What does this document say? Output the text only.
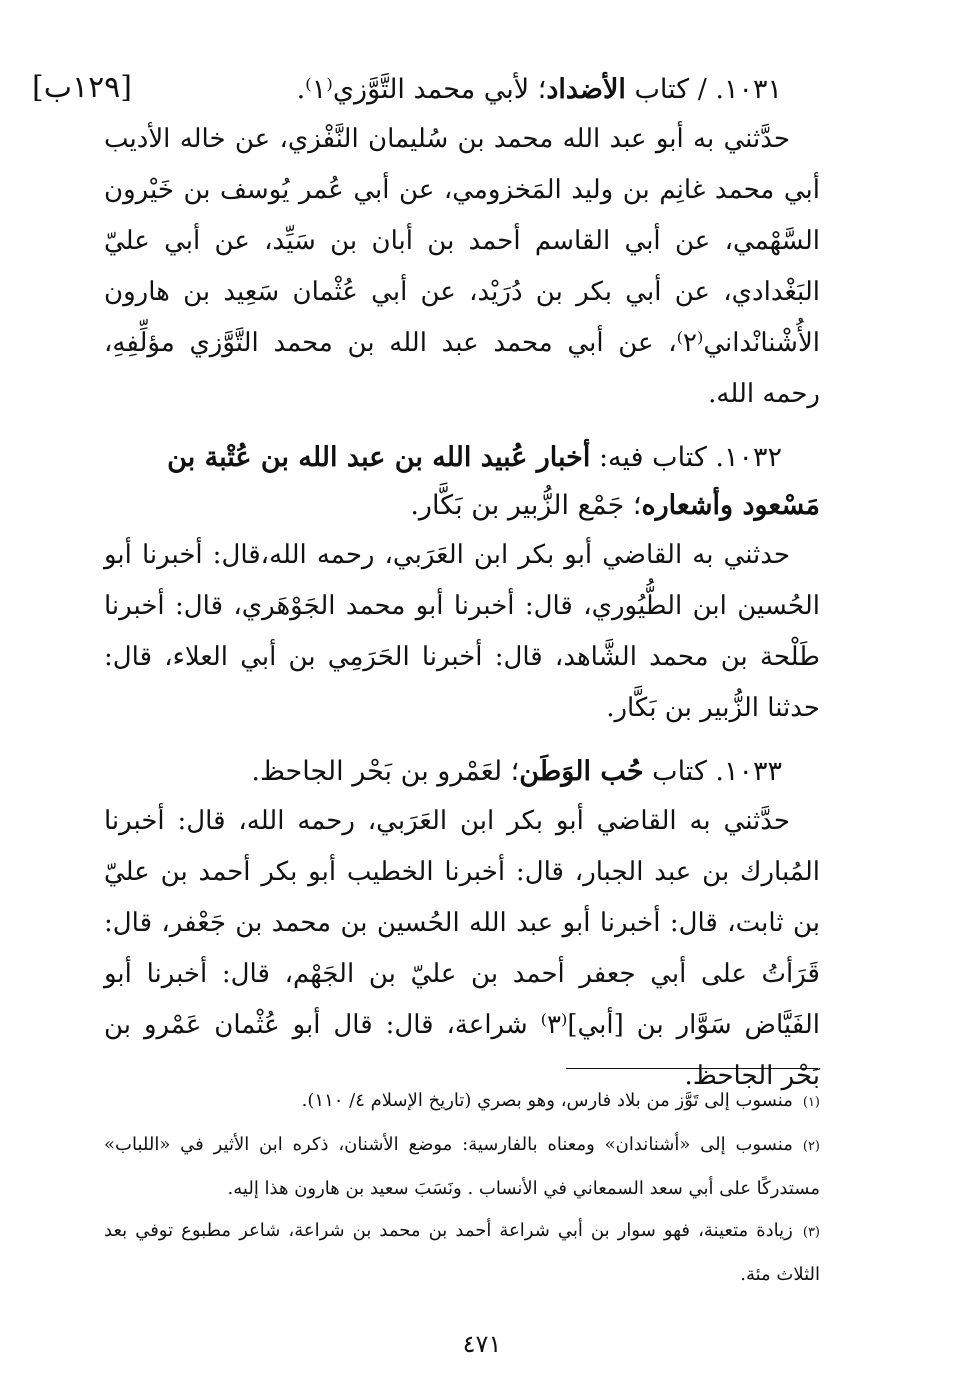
[١٢٩ب]	١٠٣١. / كتاب الأضداد؛ لأبي محمد التَّوَّزي⁽١⁾.

حدَّثني به أبو عبد الله محمد بن سُليمان النَّفْزي، عن خاله الأديب أبي محمد غانِم بن وليد المَخزومي، عن أبي عُمر يُوسف بن خَيْرون السَّهْمي، عن أبي القاسم أحمد بن أبان بن سَيِّد، عن أبي عليّ البَغْدادي، عن أبي بكر بن دُرَيْد، عن أبي عُثْمان سَعِيد بن هارون الأُشْنانْداني⁽٢⁾، عن أبي محمد عبد الله بن محمد التَّوَّزي مؤلِّفِهِ، رحمه الله.

١٠٣٢. كتاب فيه: أخبار عُبيد الله بن عبد الله بن عُتْبة بن مَسْعود وأشعاره؛ جَمْع الزُّبير بن بَكَّار.

حدثني به القاضي أبو بكر ابن العَرَبي، رحمه الله،قال: أخبرنا أبو الحُسين ابن الطُّيُوري، قال: أخبرنا أبو محمد الجَوْهَري، قال: أخبرنا طَلْحة بن محمد الشَّاهد، قال: أخبرنا الحَرَمِي بن أبي العلاء، قال: حدثنا الزُّبير بن بَكَّار.

١٠٣٣. كتاب حُب الوَطَن؛ لعَمْرو بن بَحْر الجاحظ.

حدَّثني به القاضي أبو بكر ابن العَرَبي، رحمه الله، قال: أخبرنا المُبارك بن عبد الجبار، قال: أخبرنا الخطيب أبو بكر أحمد بن عليّ بن ثابت، قال: أخبرنا أبو عبد الله الحُسين بن محمد بن جَعْفر، قال: قَرَأتُ على أبي جعفر أحمد بن عليّ بن الجَهْم، قال: أخبرنا أبو الفَيَّاض سَوَّار بن [أبي]⁽٣⁾ شراعة، قال: قال أبو عُثْمان عَمْرو بن بَحْر الجاحظ.

(١)منسوب إلى تَوَّز من بلاد فارس، وهو بصري (تاريخ الإسلام ٤/ ١١٠).

(٢)منسوب إلى «أشناندان» ومعناه بالفارسية: موضع الأشنان، ذكره ابن الأثير في «اللباب» مستدركًا على أبي سعد السمعاني في الأنساب . ونَسَبَ سعيد بن هارون هذا إليه.

(٣)زيادة متعينة، فهو سوار بن أبي شراعة أحمد بن محمد بن شراعة، شاعر مطبوع توفي بعد الثلاث مئة.

٤٧١
